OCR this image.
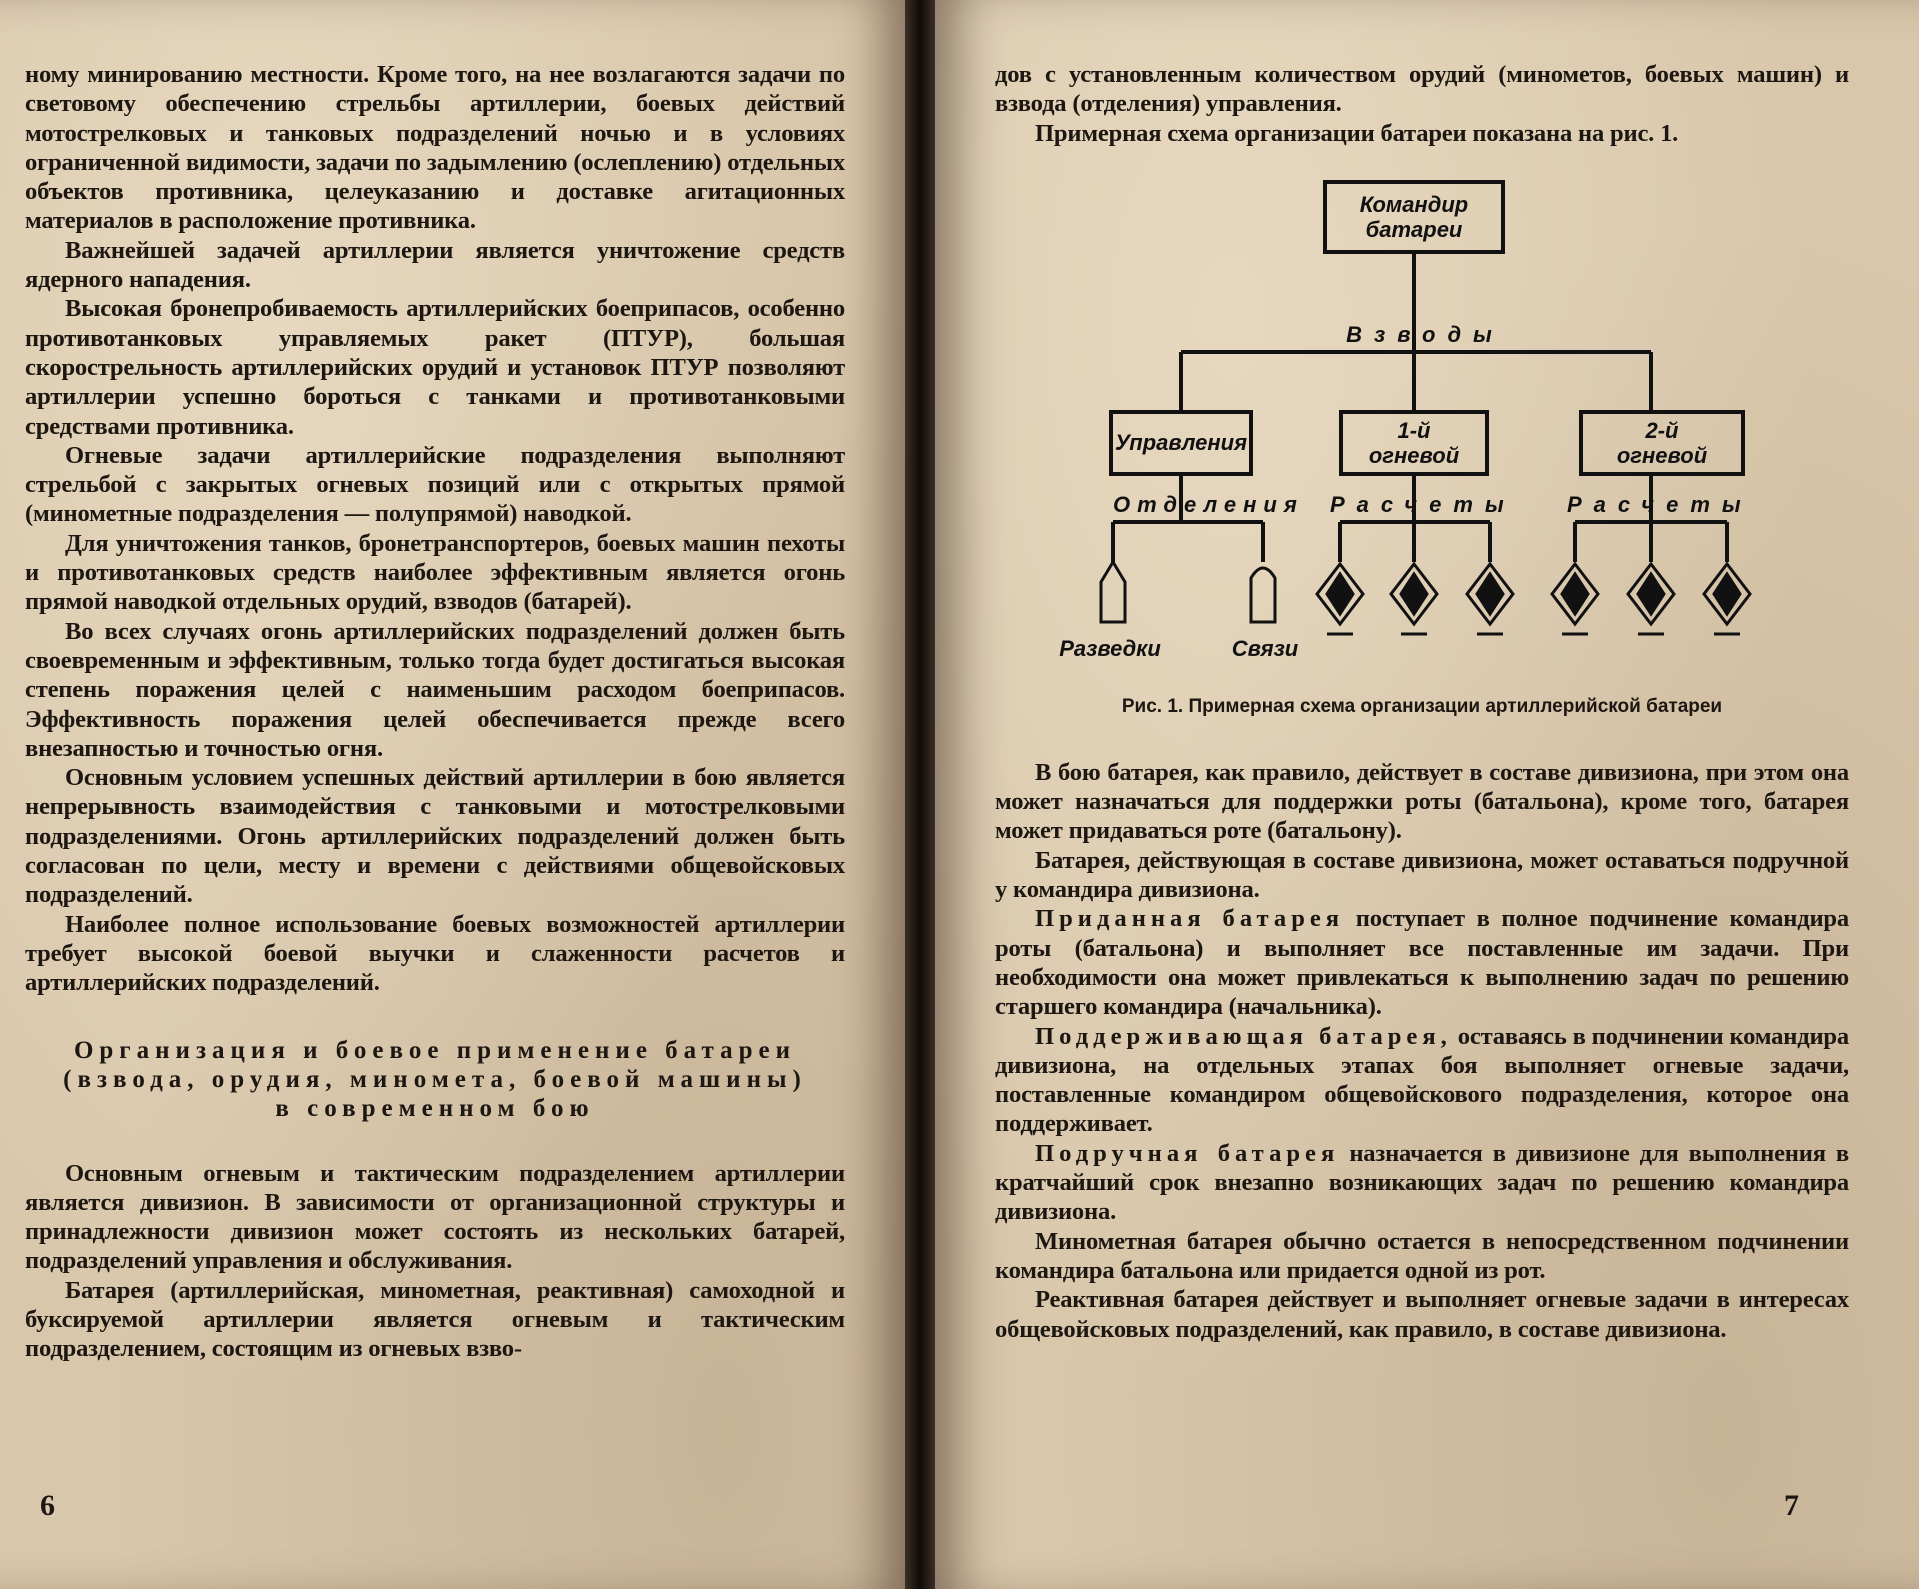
ному минированию местности. Кроме того, на нее возлагаются задачи по световому обеспечению стрельбы артиллерии, боевых действий мотострелковых и танковых подразделений ночью и в условиях ограниченной видимости, задачи по задымлению (ослеплению) отдельных объектов противника, целеуказанию и доставке агитационных материалов в расположение противника.

Важнейшей задачей артиллерии является уничтожение средств ядерного нападения.

Высокая бронепробиваемость артиллерийских боеприпасов, особенно противотанковых управляемых ракет (ПТУР), большая скорострельность артиллерийских орудий и установок ПТУР позволяют артиллерии успешно бороться с танками и противотанковыми средствами противника.

Огневые задачи артиллерийские подразделения выполняют стрельбой с закрытых огневых позиций или с открытых прямой (минометные подразделения — полупрямой) наводкой.

Для уничтожения танков, бронетранспортеров, боевых машин пехоты и противотанковых средств наиболее эффективным является огонь прямой наводкой отдельных орудий, взводов (батарей).

Во всех случаях огонь артиллерийских подразделений должен быть своевременным и эффективным, только тогда будет достигаться высокая степень поражения целей с наименьшим расходом боеприпасов. Эффективность поражения целей обеспечивается прежде всего внезапностью и точностью огня.

Основным условием успешных действий артиллерии в бою является непрерывность взаимодействия с танковыми и мотострелковыми подразделениями. Огонь артиллерийских подразделений должен быть согласован по цели, месту и времени с действиями общевойсковых подразделений.

Наиболее полное использование боевых возможностей артиллерии требует высокой боевой выучки и слаженности расчетов и артиллерийских подразделений.

Организация и боевое применение батареи
(взвода, орудия, миномета, боевой машины)
в современном бою

Основным огневым и тактическим подразделением артиллерии является дивизион. В зависимости от организационной структуры и принадлежности дивизион может состоять из нескольких батарей, подразделений управления и обслуживания.

Батарея (артиллерийская, минометная, реактивная) самоходной и буксируемой артиллерии является огневым и тактическим подразделением, состоящим из огневых взво-

6

дов с установленным количеством орудий (минометов, боевых машин) и взвода (отделения) управления.

Примерная схема организации батареи показана на рис. 1.

Командир батареи
Взводы
Управления	1-й огневой
2-й огневой
Отделения Расчеты Расчеты
Разведки	Связи
Рис. 1. Примерная схема организации артиллерийской батареи

В бою батарея, как правило, действует в составе дивизиона, при этом она может назначаться для поддержки роты (батальона), кроме того, батарея может придаваться роте (батальону).

Батарея, действующая в составе дивизиона, может оставаться подручной у командира дивизиона.

Приданная батарея поступает в полное подчинение командира роты (батальона) и выполняет все поставленные им задачи. При необходимости она может привлекаться к выполнению задач по решению старшего командира (начальника).

Поддерживающая батарея, оставаясь в подчинении командира дивизиона, на отдельных этапах боя выполняет огневые задачи, поставленные командиром общевойскового подразделения, которое она поддерживает.

Подручная батарея назначается в дивизионе для выполнения в кратчайший срок внезапно возникающих задач по решению командира дивизиона.

Минометная батарея обычно остается в непосредственном подчинении командира батальона или придается одной из рот.

Реактивная батарея действует и выполняет огневые задачи в интересах общевойсковых подразделений, как правило, в составе дивизиона.

7
